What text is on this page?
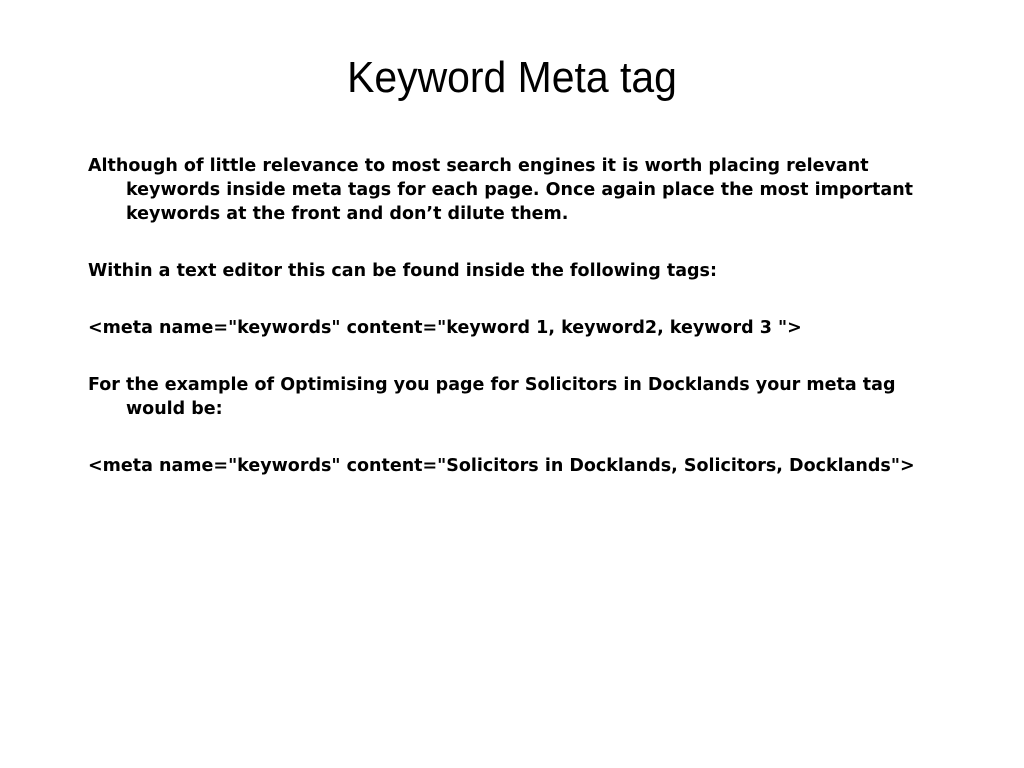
Keyword Meta tag
Although of little relevance to most search engines it is worth placing relevant keywords inside meta tags for each page. Once again place the most important keywords at the front and don’t dilute them.
Within a text editor this can be found inside the following tags:
<meta name="keywords" content="keyword 1, keyword2, keyword 3 ">
For the example of Optimising you page for Solicitors in Docklands your meta tag would be:
<meta name="keywords" content="Solicitors in Docklands, Solicitors, Docklands">
